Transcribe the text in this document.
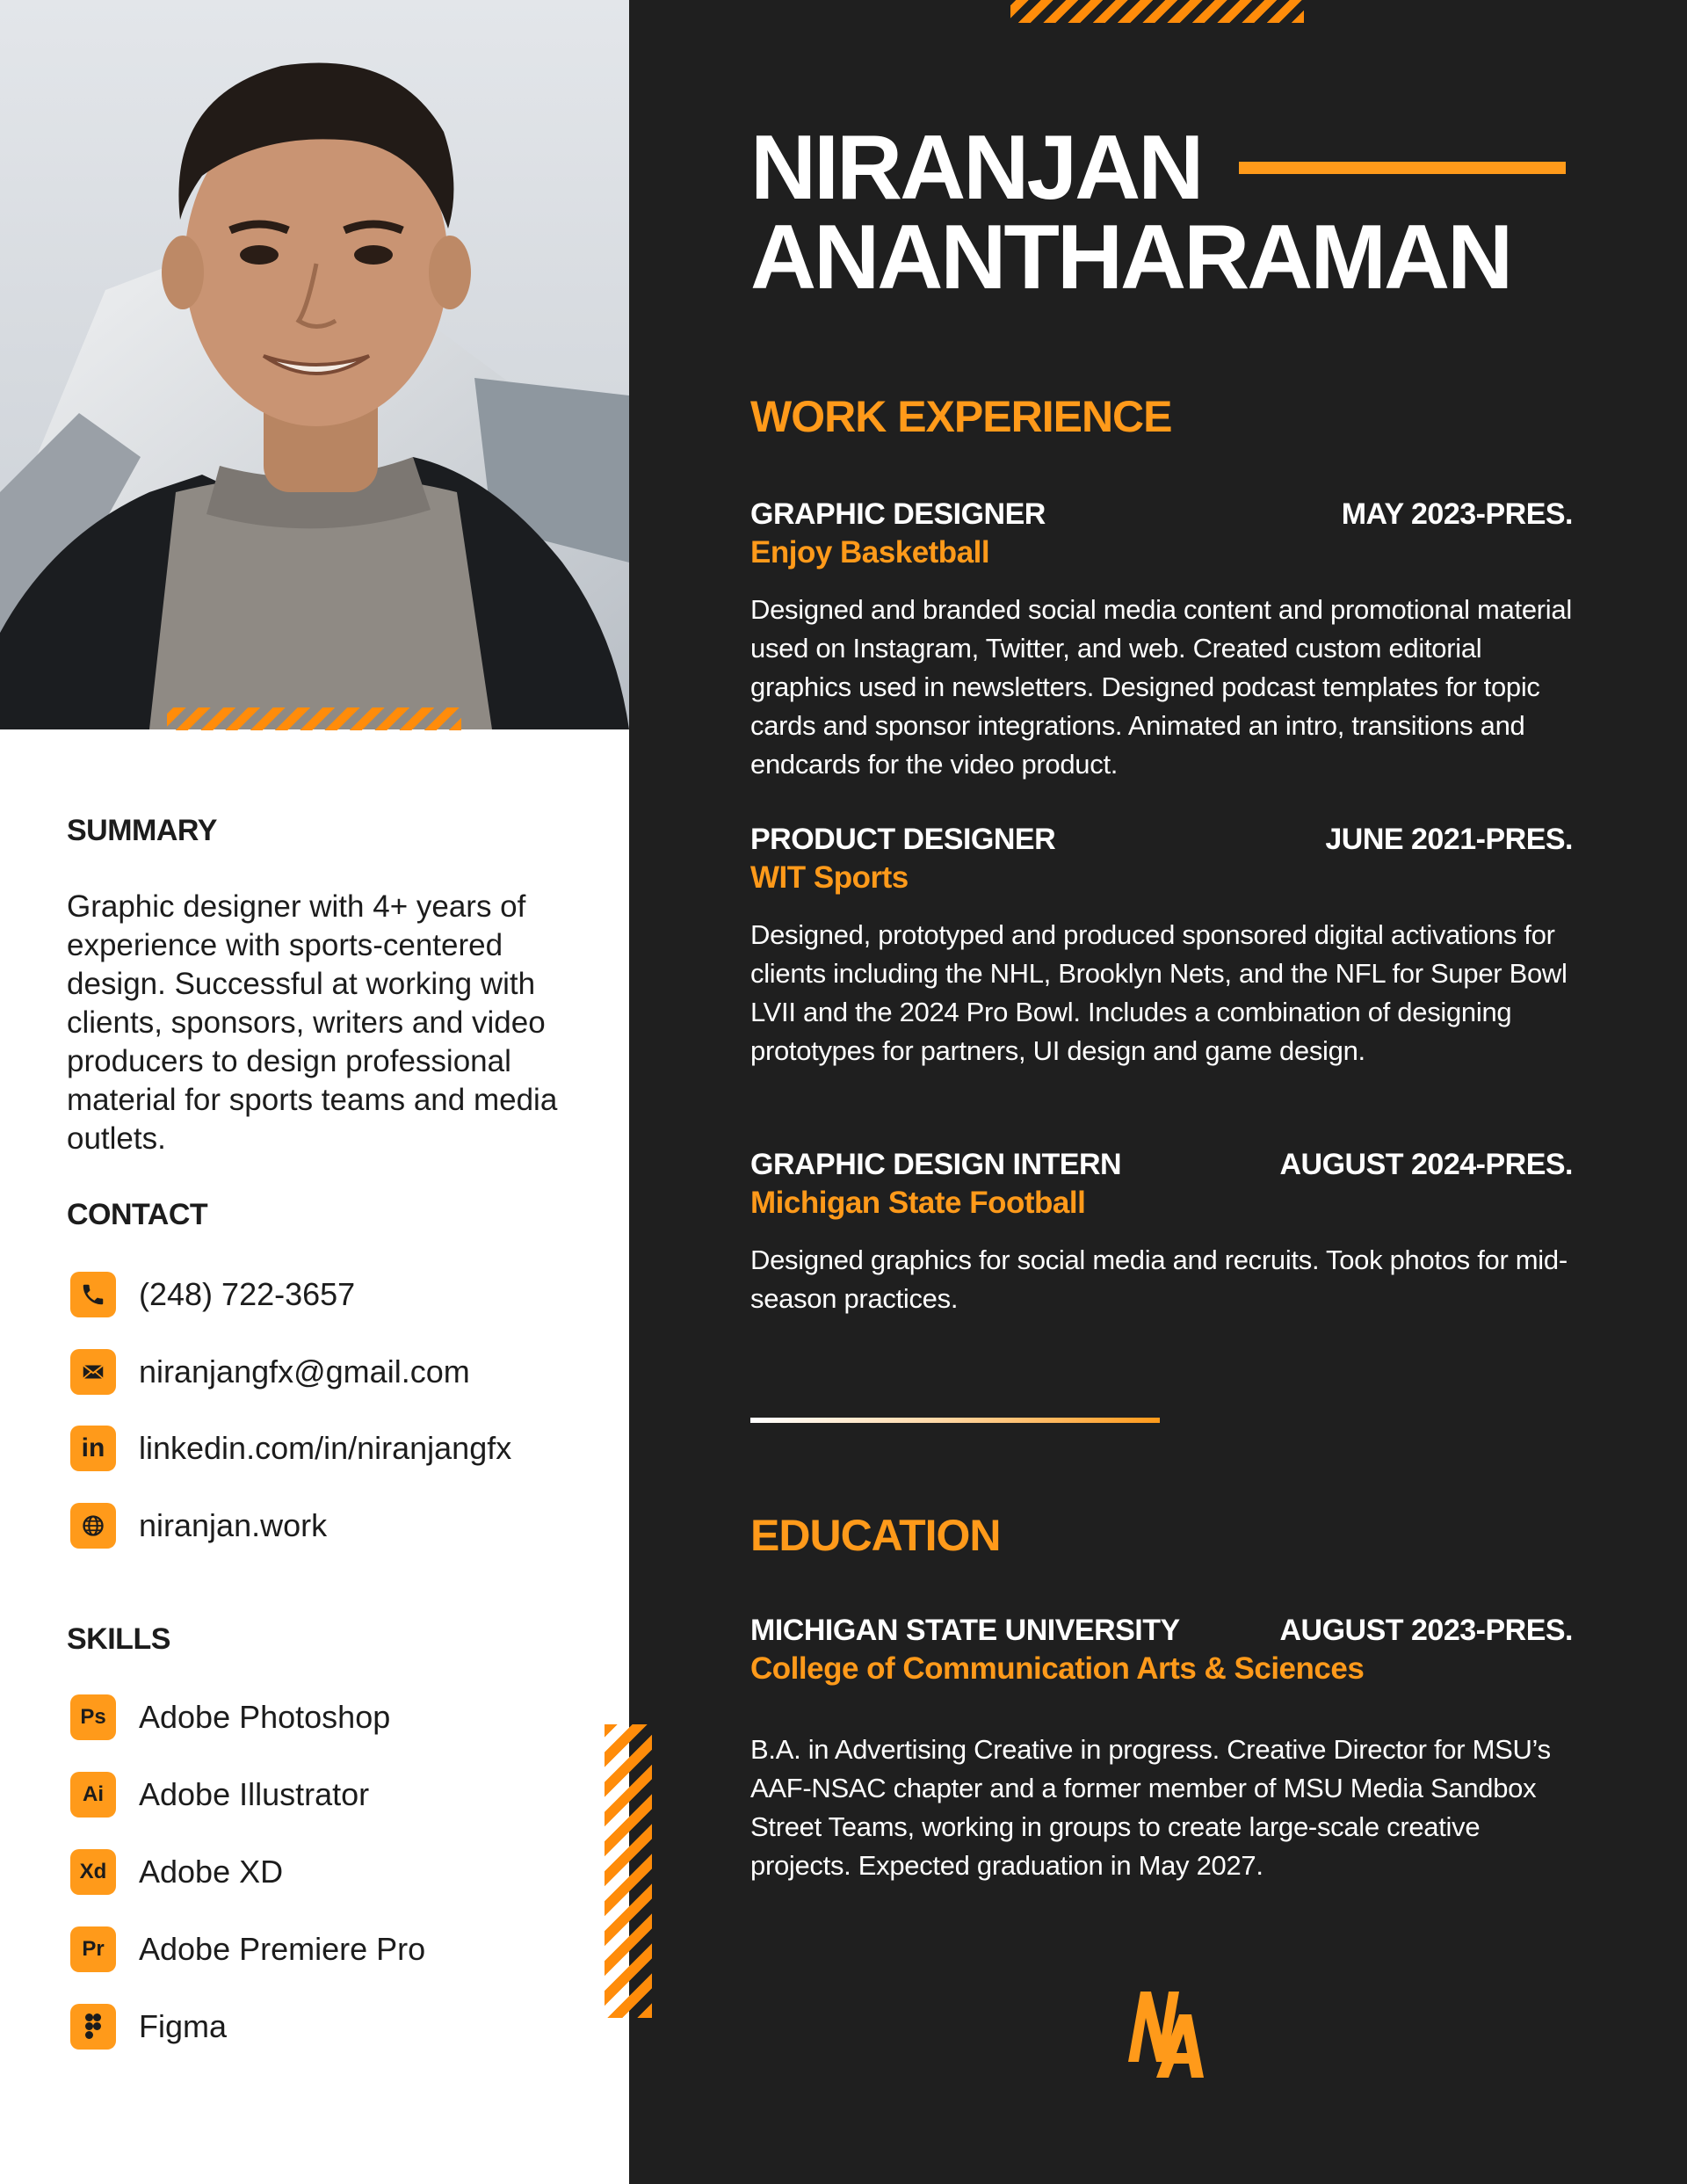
SUMMARY

Graphic designer with 4+ years of experience with sports-centered design. Successful at working with clients, sponsors, writers and video producers to design professional material for sports teams and media outlets.

CONTACT
(248) 722-3657
niranjangfx@gmail.com
in linkedin.com/in/niranjangfx
niranjan.work
SKILLS
Ps Adobe Photoshop
Ai Adobe Illustrator
Xd Adobe XD
Pr Adobe Premiere Pro
Figma
NIRANJAN
ANANTHARAMAN
WORK EXPERIENCE
GRAPHIC DESIGNER	MAY 2023-PRES.
Enjoy Basketball

Designed and branded social media content and promotional material used on Instagram, Twitter, and web. Created custom editorial graphics used in newsletters. Designed podcast templates for topic cards and sponsor integrations. Animated an intro, transitions and endcards for the video product.

PRODUCT DESIGNER	JUNE 2021-PRES.
WIT Sports

Designed, prototyped and produced sponsored digital activations for clients including the NHL, Brooklyn Nets, and the NFL for Super Bowl LVII and the 2024 Pro Bowl. Includes a combination of designing prototypes for partners, UI design and game design.

GRAPHIC DESIGN INTERN	AUGUST 2024-PRES.
Michigan State Football

Designed graphics for social media and recruits. Took photos for mid-season practices.

EDUCATION
MICHIGAN STATE UNIVERSITY	AUGUST 2023-PRES.
College of Communication Arts & Sciences

B.A. in Advertising Creative in progress. Creative Director for MSU’s AAF-NSAC chapter and a former member of MSU Media Sandbox Street Teams, working in groups to create large-scale creative projects. Expected graduation in May 2027.
